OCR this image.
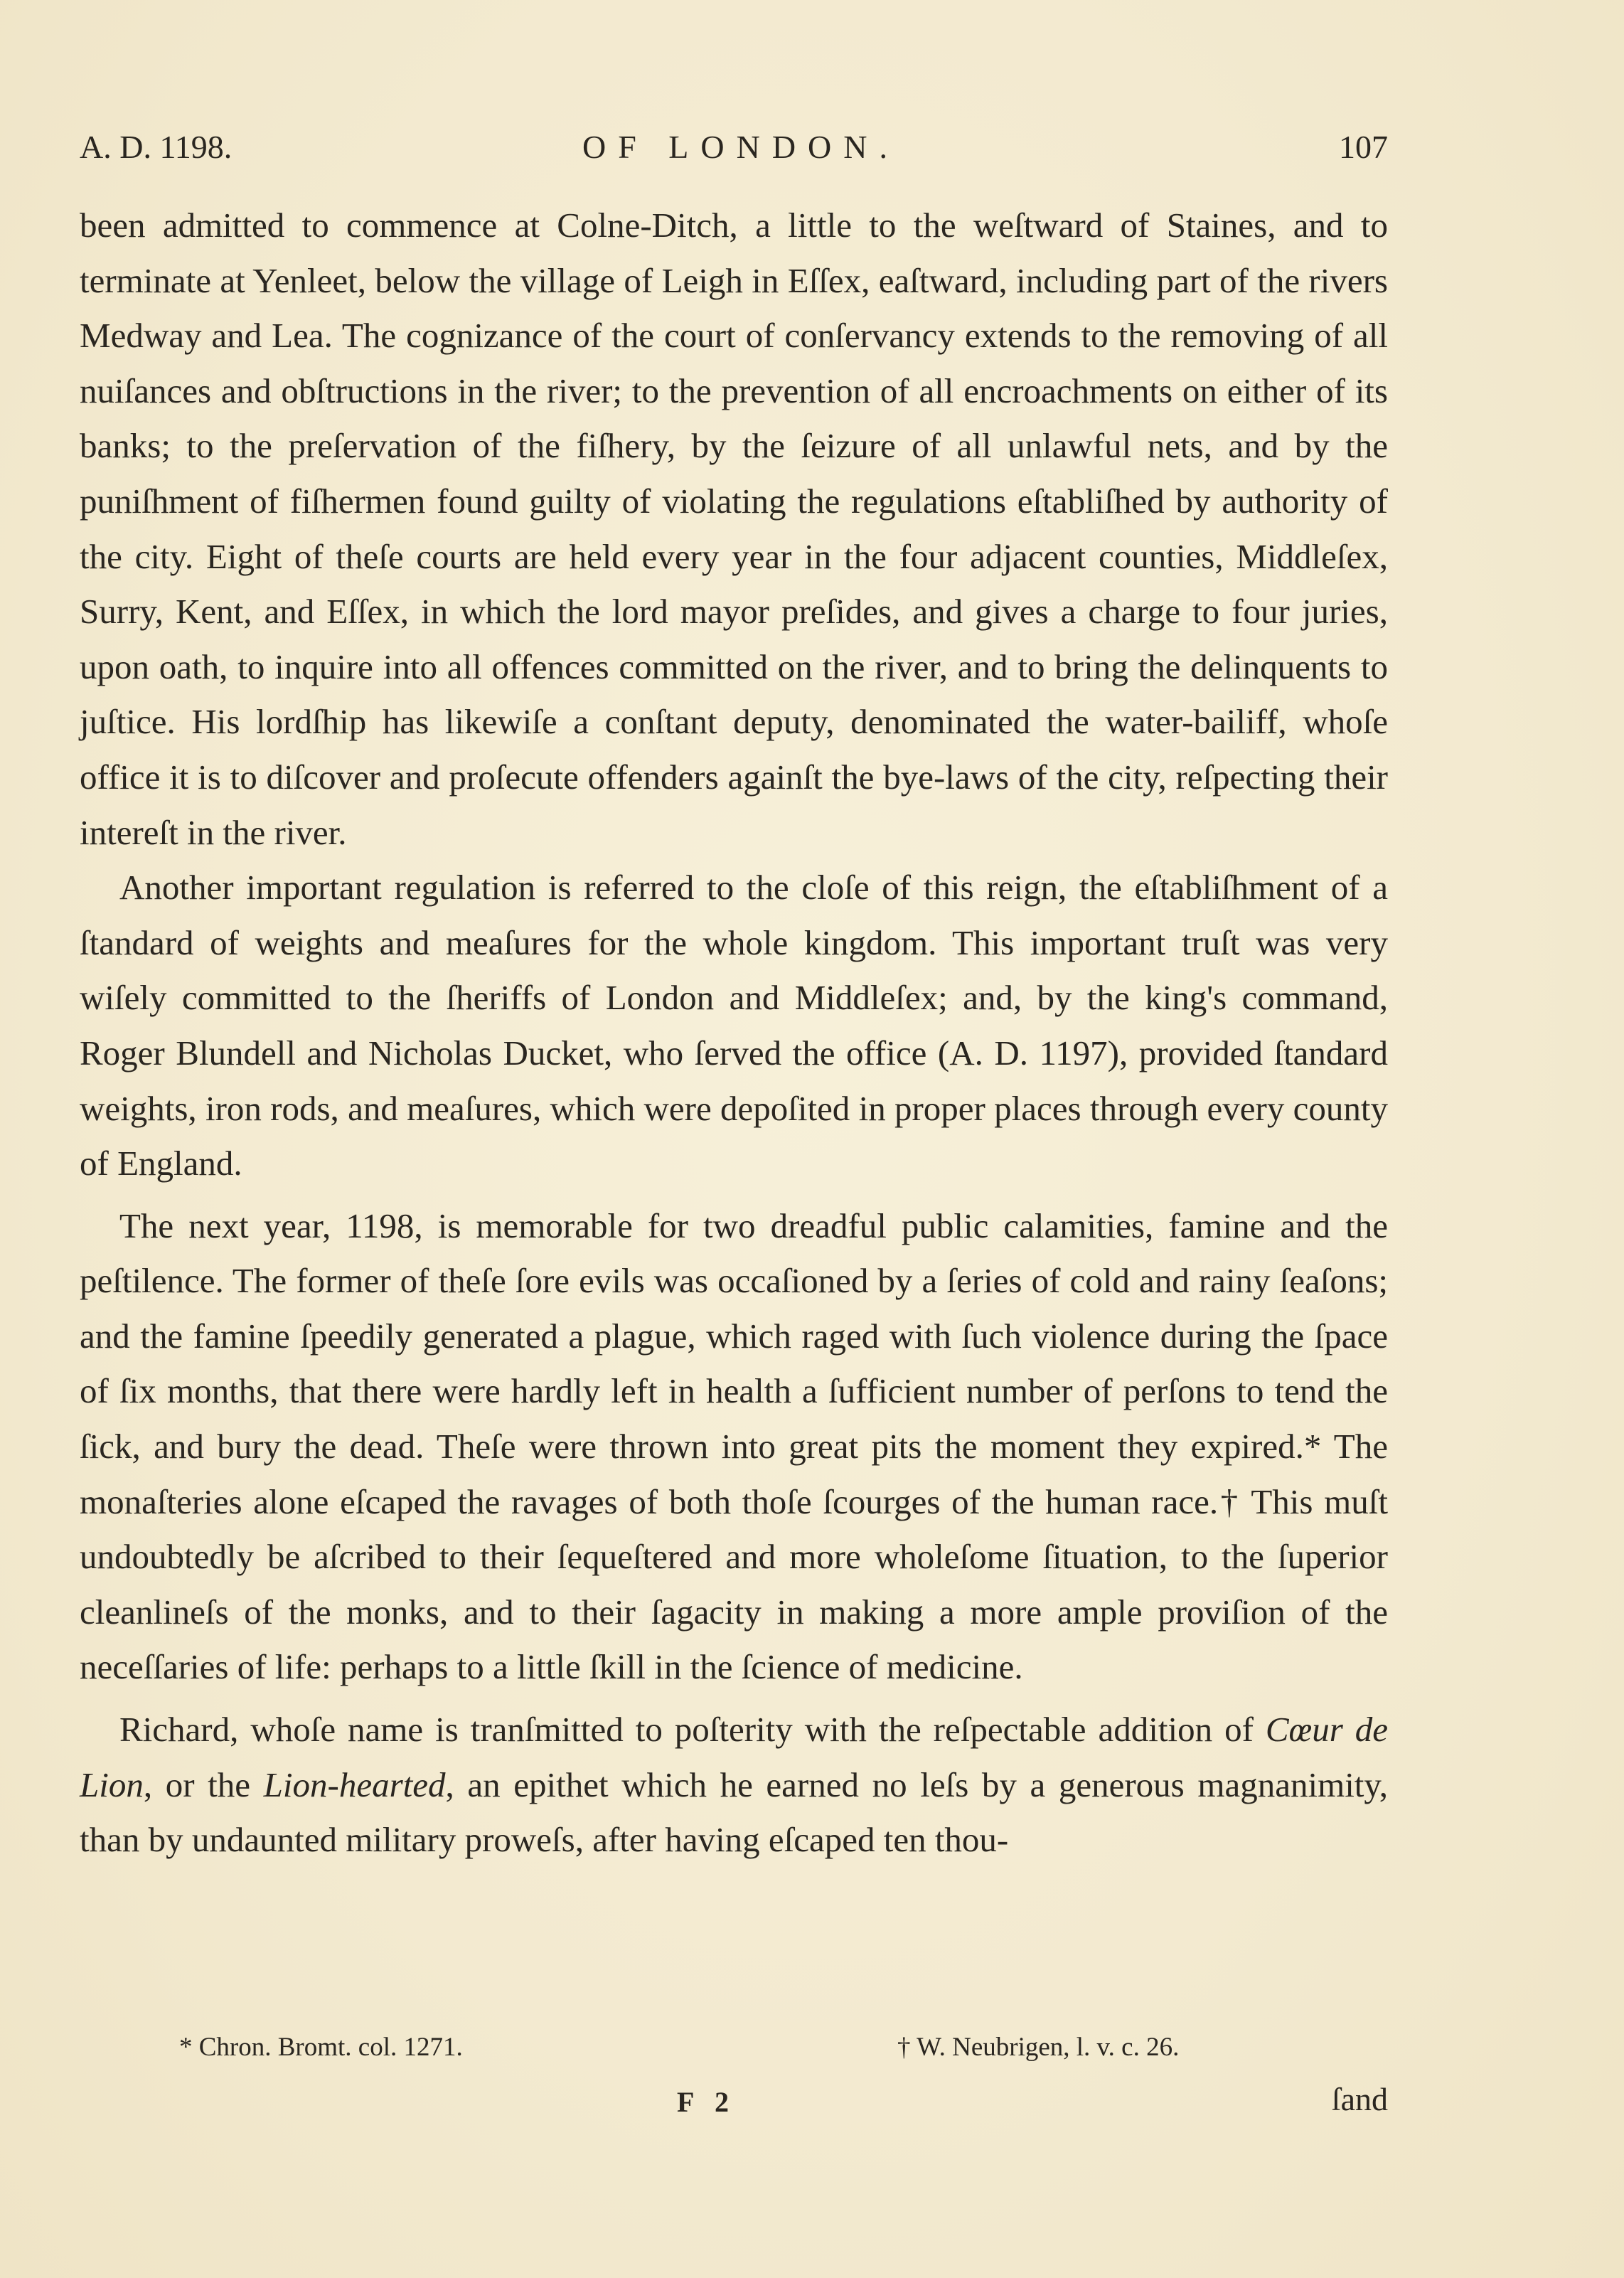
A. D. 1198.	OF LONDON.	107

been admitted to commence at Colne-Ditch, a little to the weſtward of Staines, and to terminate at Yenleet, below the village of Leigh in Eſſex, eaſtward, including part of the rivers Medway and Lea. The cognizance of the court of conſervancy extends to the removing of all nuiſances and obſtructions in the river; to the prevention of all encroachments on either of its banks; to the preſervation of the fiſhery, by the ſeizure of all unlawful nets, and by the puniſhment of fiſhermen found guilty of violating the regulations eſtabliſhed by authority of the city. Eight of theſe courts are held every year in the four adjacent counties, Middleſex, Surry, Kent, and Eſſex, in which the lord mayor preſides, and gives a charge to four juries, upon oath, to inquire into all offences committed on the river, and to bring the delinquents to juſtice. His lordſhip has likewiſe a conſtant deputy, denominated the water-bailiff, whoſe office it is to diſcover and proſecute offenders againſt the bye-laws of the city, reſpecting their intereſt in the river.

Another important regulation is referred to the cloſe of this reign, the eſtabliſhment of a ſtandard of weights and meaſures for the whole kingdom. This important truſt was very wiſely committed to the ſheriffs of London and Middleſex; and, by the king's command, Roger Blundell and Nicholas Ducket, who ſerved the office (A. D. 1197), provided ſtandard weights, iron rods, and meaſures, which were depoſited in proper places through every county of England.

The next year, 1198, is memorable for two dreadful public calamities, famine and the peſtilence. The former of theſe ſore evils was occaſioned by a ſeries of cold and rainy ſeaſons; and the famine ſpeedily generated a plague, which raged with ſuch violence during the ſpace of ſix months, that there were hardly left in health a ſufficient number of perſons to tend the ſick, and bury the dead. Theſe were thrown into great pits the moment they expired.* The monaſteries alone eſcaped the ravages of both thoſe ſcourges of the human race.† This muſt undoubtedly be aſcribed to their ſequeſtered and more wholeſome ſituation, to the ſuperior cleanlineſs of the monks, and to their ſagacity in making a more ample proviſion of the neceſſaries of life: perhaps to a little ſkill in the ſcience of medicine.

Richard, whoſe name is tranſmitted to poſterity with the reſpectable addition of Cœur de Lion, or the Lion-hearted, an epithet which he earned no leſs by a generous magnanimity, than by undaunted military proweſs, after having eſcaped ten thou-

* Chron. Bromt. col. 1271.	† W. Neubrigen, l. v. c. 26.
F 2	ſand
